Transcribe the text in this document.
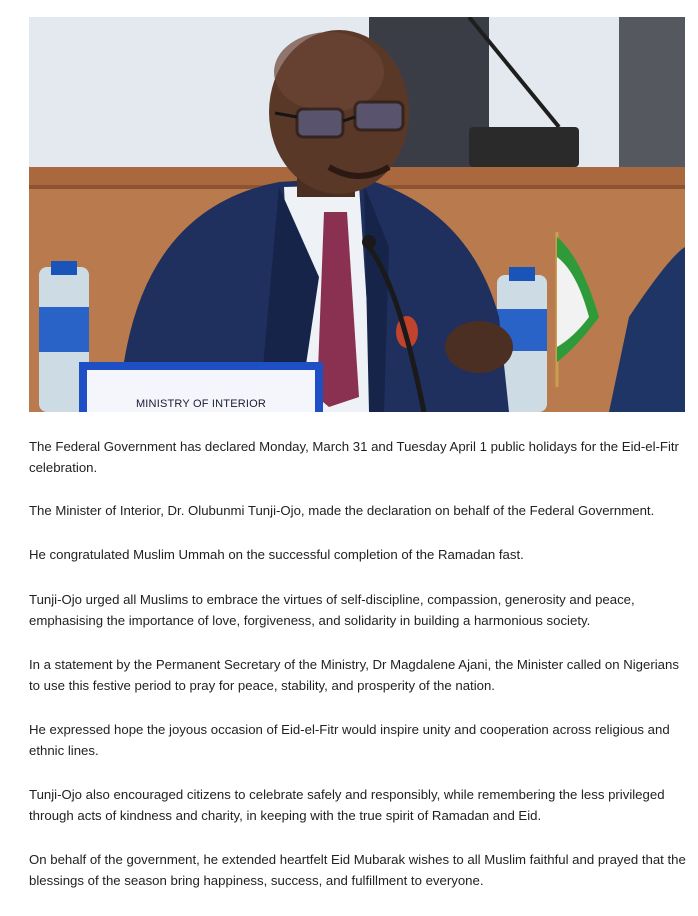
MINISTRY OF INTERIOR

The Federal Government has declared Monday, March 31 and Tuesday April 1 public holidays for the Eid-el-Fitr celebration.

The Minister of Interior, Dr. Olubunmi Tunji-Ojo, made the declaration on behalf of the Federal Government.

He congratulated Muslim Ummah on the successful completion of the Ramadan fast.

Tunji-Ojo urged all Muslims to embrace the virtues of self-discipline, compassion, generosity and peace, emphasising the importance of love, forgiveness, and solidarity in building a harmonious society.

In a statement by the Permanent Secretary of the Ministry, Dr Magdalene Ajani, the Minister called on Nigerians to use this festive period to pray for peace, stability, and prosperity of the nation.

He expressed hope the joyous occasion of Eid-el-Fitr would inspire unity and cooperation across religious and ethnic lines.

Tunji-Ojo also encouraged citizens to celebrate safely and responsibly, while remembering the less privileged through acts of kindness and charity, in keeping with the true spirit of Ramadan and Eid.

On behalf of the government, he extended heartfelt Eid Mubarak wishes to all Muslim faithful and prayed that the blessings of the season bring happiness, success, and fulfillment to everyone.
